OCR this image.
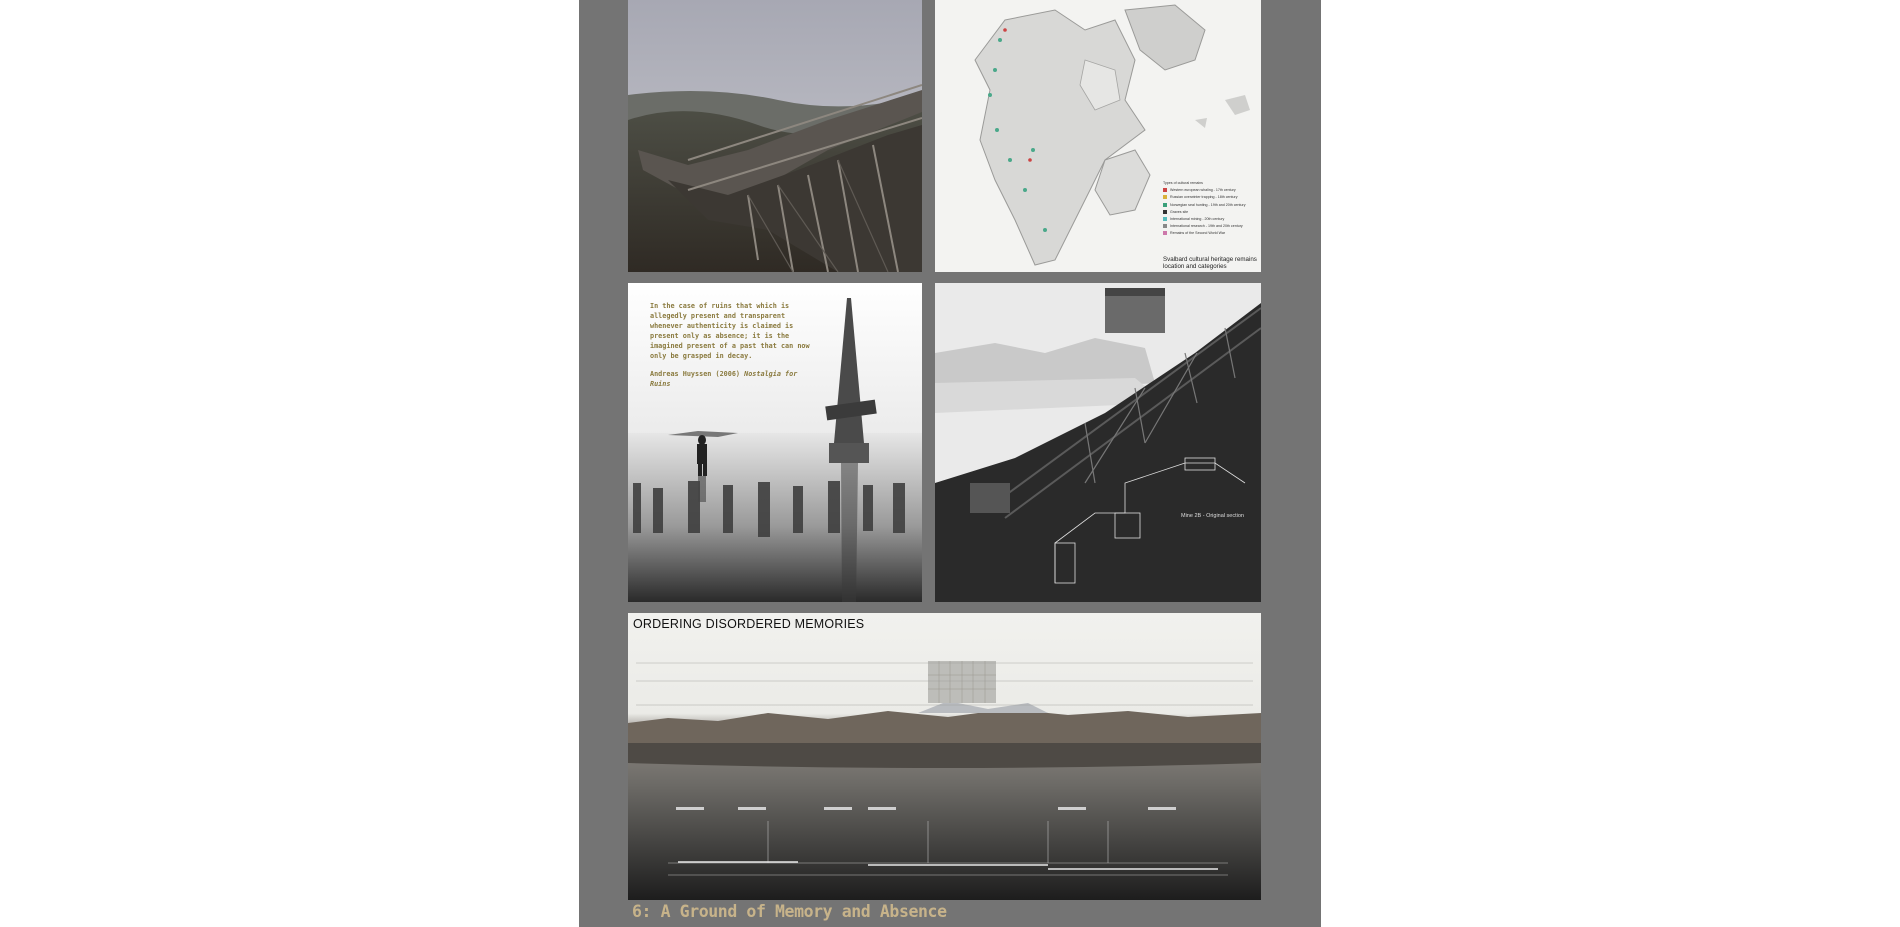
Types of cultural remains
Western european whaling - 17th century
Russian overwinter trapping - 18th century
Norwegian seal hunting - 19th and 20th century
Graves site
International mining - 20th century
International research - 19th and 20th century
Remains of the Second World War
Svalbard cultural heritage remains location and categories
In the case of ruins that which is allegedly present and transparent whenever authenticity is claimed is present only as absence; it is the imagined present of a past that can now only be grasped in decay.
Andreas Huyssen (2006) Nostalgia for Ruins
Mine 2B - Original section
ORDERING DISORDERED MEMORIES
6: A Ground of Memory and Absence
